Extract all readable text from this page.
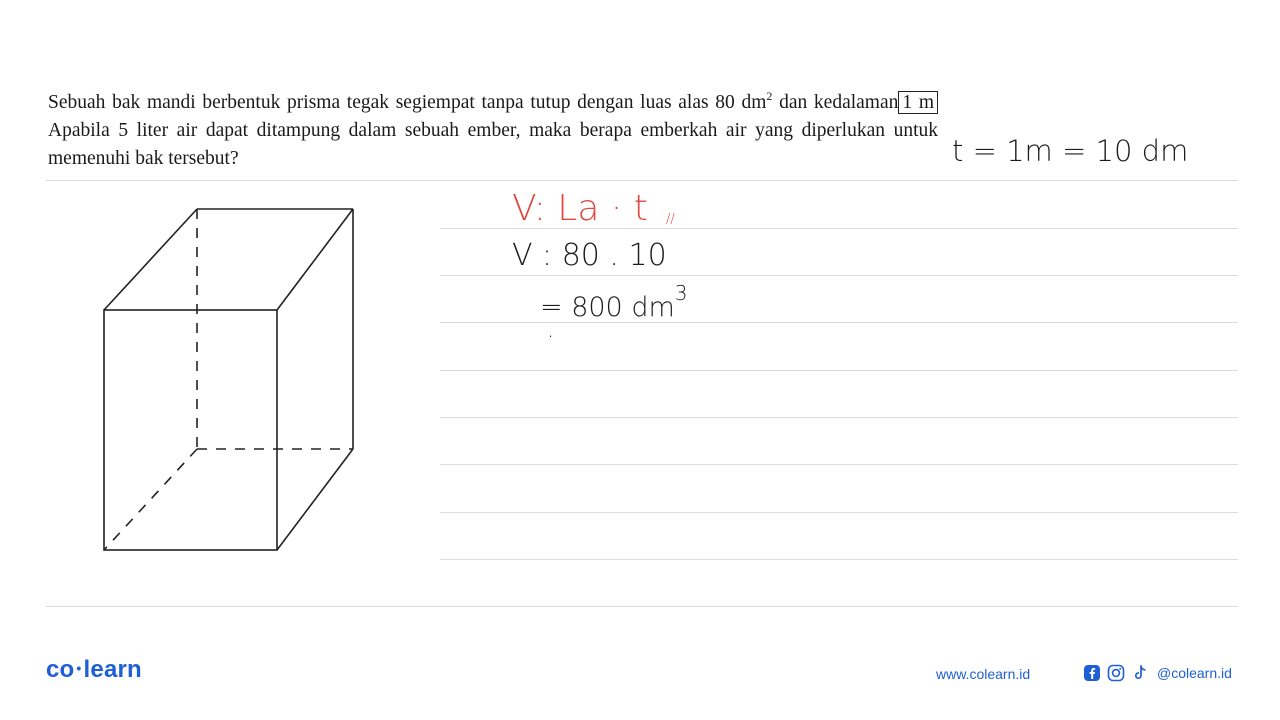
Sebuah bak mandi berbentuk prisma tegak segiempat tanpa tutup dengan luas alas 80 $dm^2$ dan kedalaman 1 m Apabila 5 liter air dapat ditampung dalam sebuah ember, maka berapa emberkah air yang diperlukan untuk memenuhi bak tersebut?	t = 1m = 10 dm
V: La · t //
V : 80 . 10
= 800 $dm^3$
.
co •learn	www.colearn.id	@colearn.id
